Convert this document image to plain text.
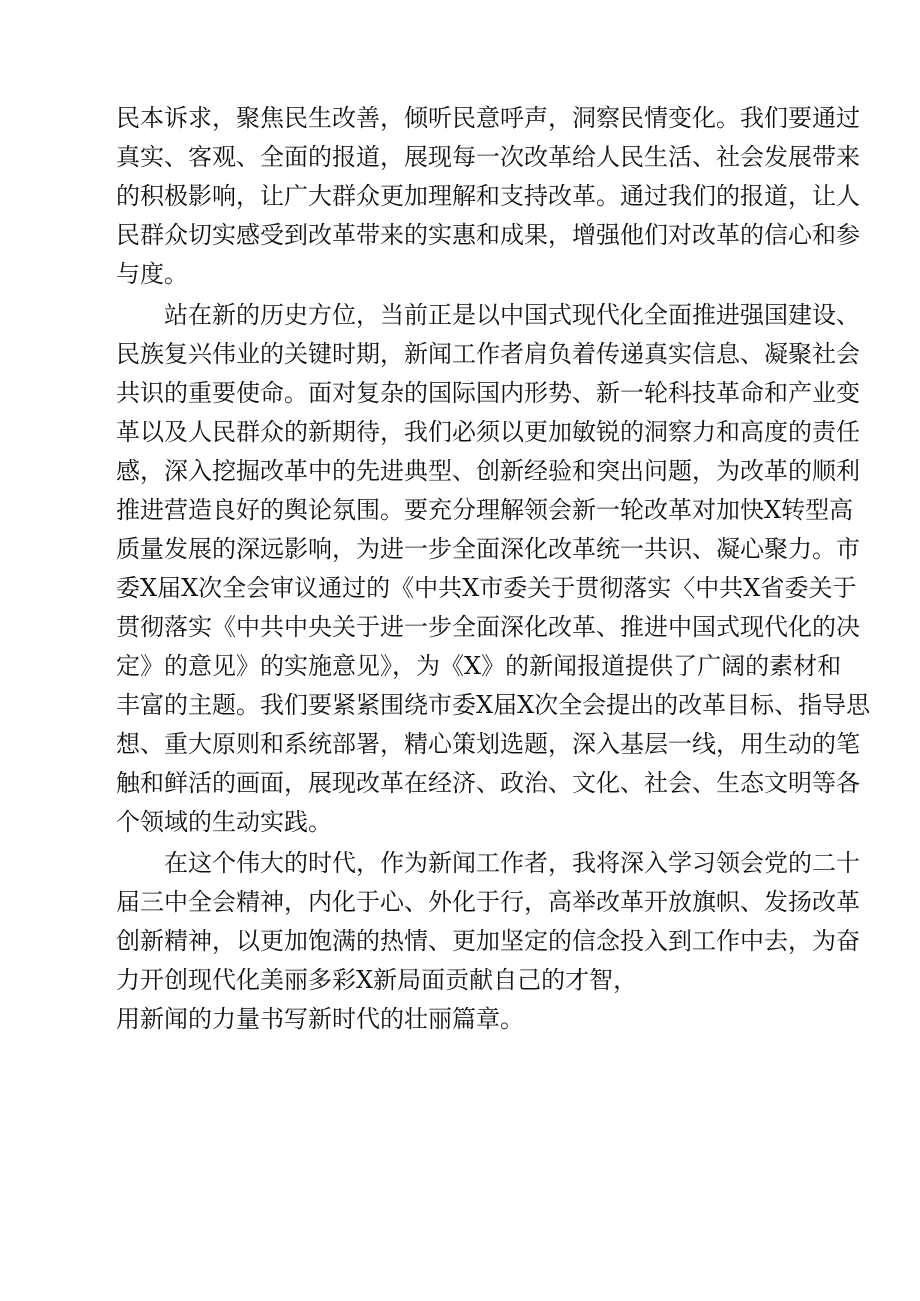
民本诉求，聚焦民生改善，倾听民意呼声，洞察民情变化。我们要通过
真实、客观、全面的报道，展现每一次改革给人民生活、社会发展带来
的积极影响，让广大群众更加理解和支持改革。通过我们的报道，让人
民群众切实感受到改革带来的实惠和成果，增强他们对改革的信心和参
与度。
站在新的历史方位，当前正是以中国式现代化全面推进强国建设、
民族复兴伟业的关键时期，新闻工作者肩负着传递真实信息、凝聚社会
共识的重要使命。面对复杂的国际国内形势、新一轮科技革命和产业变
革以及人民群众的新期待，我们必须以更加敏锐的洞察力和高度的责任
感，深入挖掘改革中的先进典型、创新经验和突出问题，为改革的顺利
推进营造良好的舆论氛围。要充分理解领会新一轮改革对加快X转型高
质量发展的深远影响，为进一步全面深化改革统一共识、凝心聚力。市
委X届X次全会审议通过的《中共X市委关于贯彻落实〈中共X省委关于
贯彻落实《中共中央关于进一步全面深化改革、推进中国式现代化的决
定》的意见》的实施意见》，为《X》的新闻报道提供了广阔的素材和
丰富的主题。我们要紧紧围绕市委X届X次全会提出的改革目标、指导思
想、重大原则和系统部署，精心策划选题，深入基层一线，用生动的笔
触和鲜活的画面，展现改革在经济、政治、文化、社会、生态文明等各
个领域的生动实践。
在这个伟大的时代，作为新闻工作者，我将深入学习领会党的二十
届三中全会精神，内化于心、外化于行，高举改革开放旗帜、发扬改革
创新精神，以更加饱满的热情、更加坚定的信念投入到工作中去，为奋
力开创现代化美丽多彩X新局面贡献自己的才智，
用新闻的力量书写新时代的壮丽篇章。
